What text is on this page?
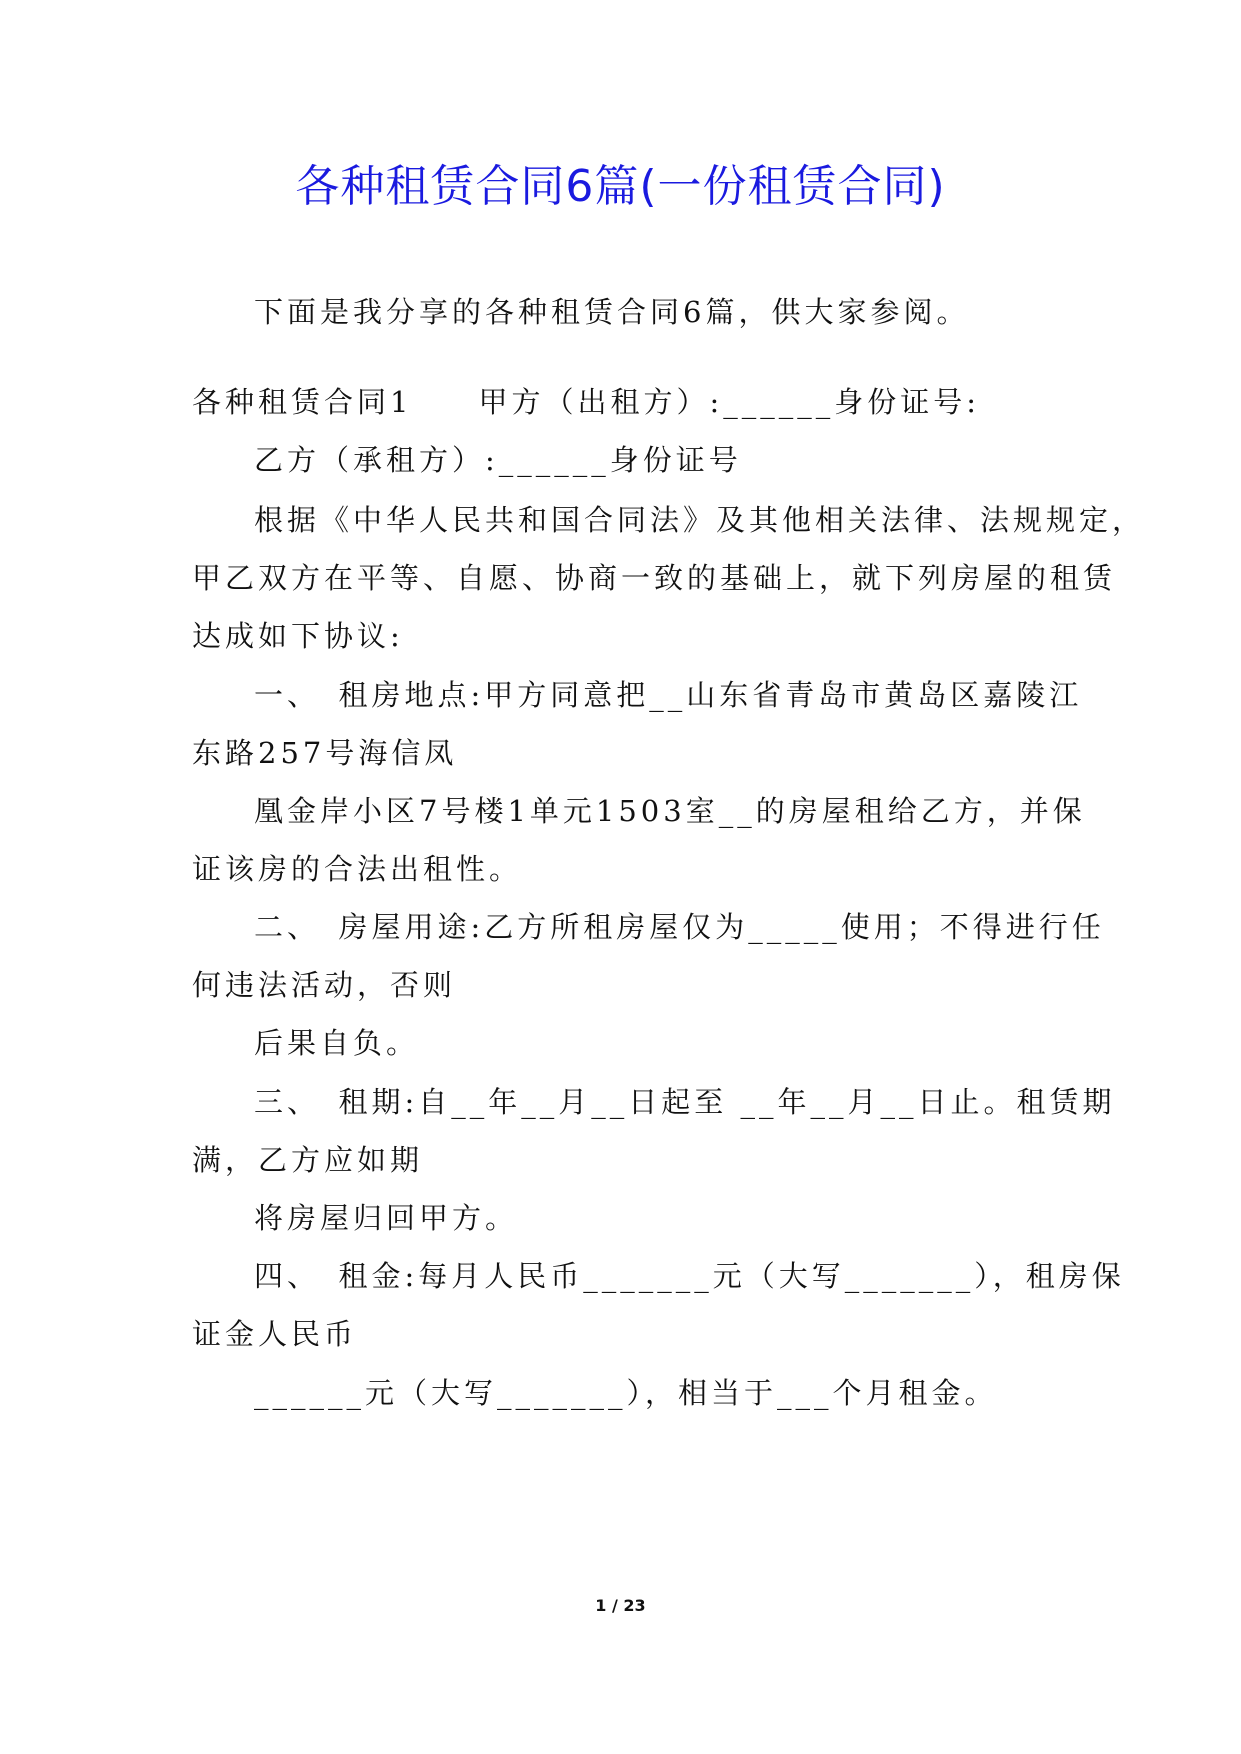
各种租赁合同6篇(一份租赁合同)
下面是我分享的各种租赁合同6篇，供大家参阅。
各种租赁合同1　　甲方（出租方）:______身份证号:
乙方（承租方）:______身份证号
根据《中华人民共和国合同法》及其他相关法律、法规规定，
甲乙双方在平等、自愿、协商一致的基础上，就下列房屋的租赁
达成如下协议:
一、　租房地点:甲方同意把__山东省青岛市黄岛区嘉陵江
东路257号海信凤
凰金岸小区7号楼1单元1503室__的房屋租给乙方，并保
证该房的合法出租性。
二、　房屋用途:乙方所租房屋仅为_____使用；不得进行任
何违法活动，否则
后果自负。
三、　租期:自__年__月__日起至 __年__月__日止。租赁期
满，乙方应如期
将房屋归回甲方。
四、　租金:每月人民币_______元（大写_______），租房保
证金人民币
______元（大写_______），相当于___个月租金。
1 / 23
